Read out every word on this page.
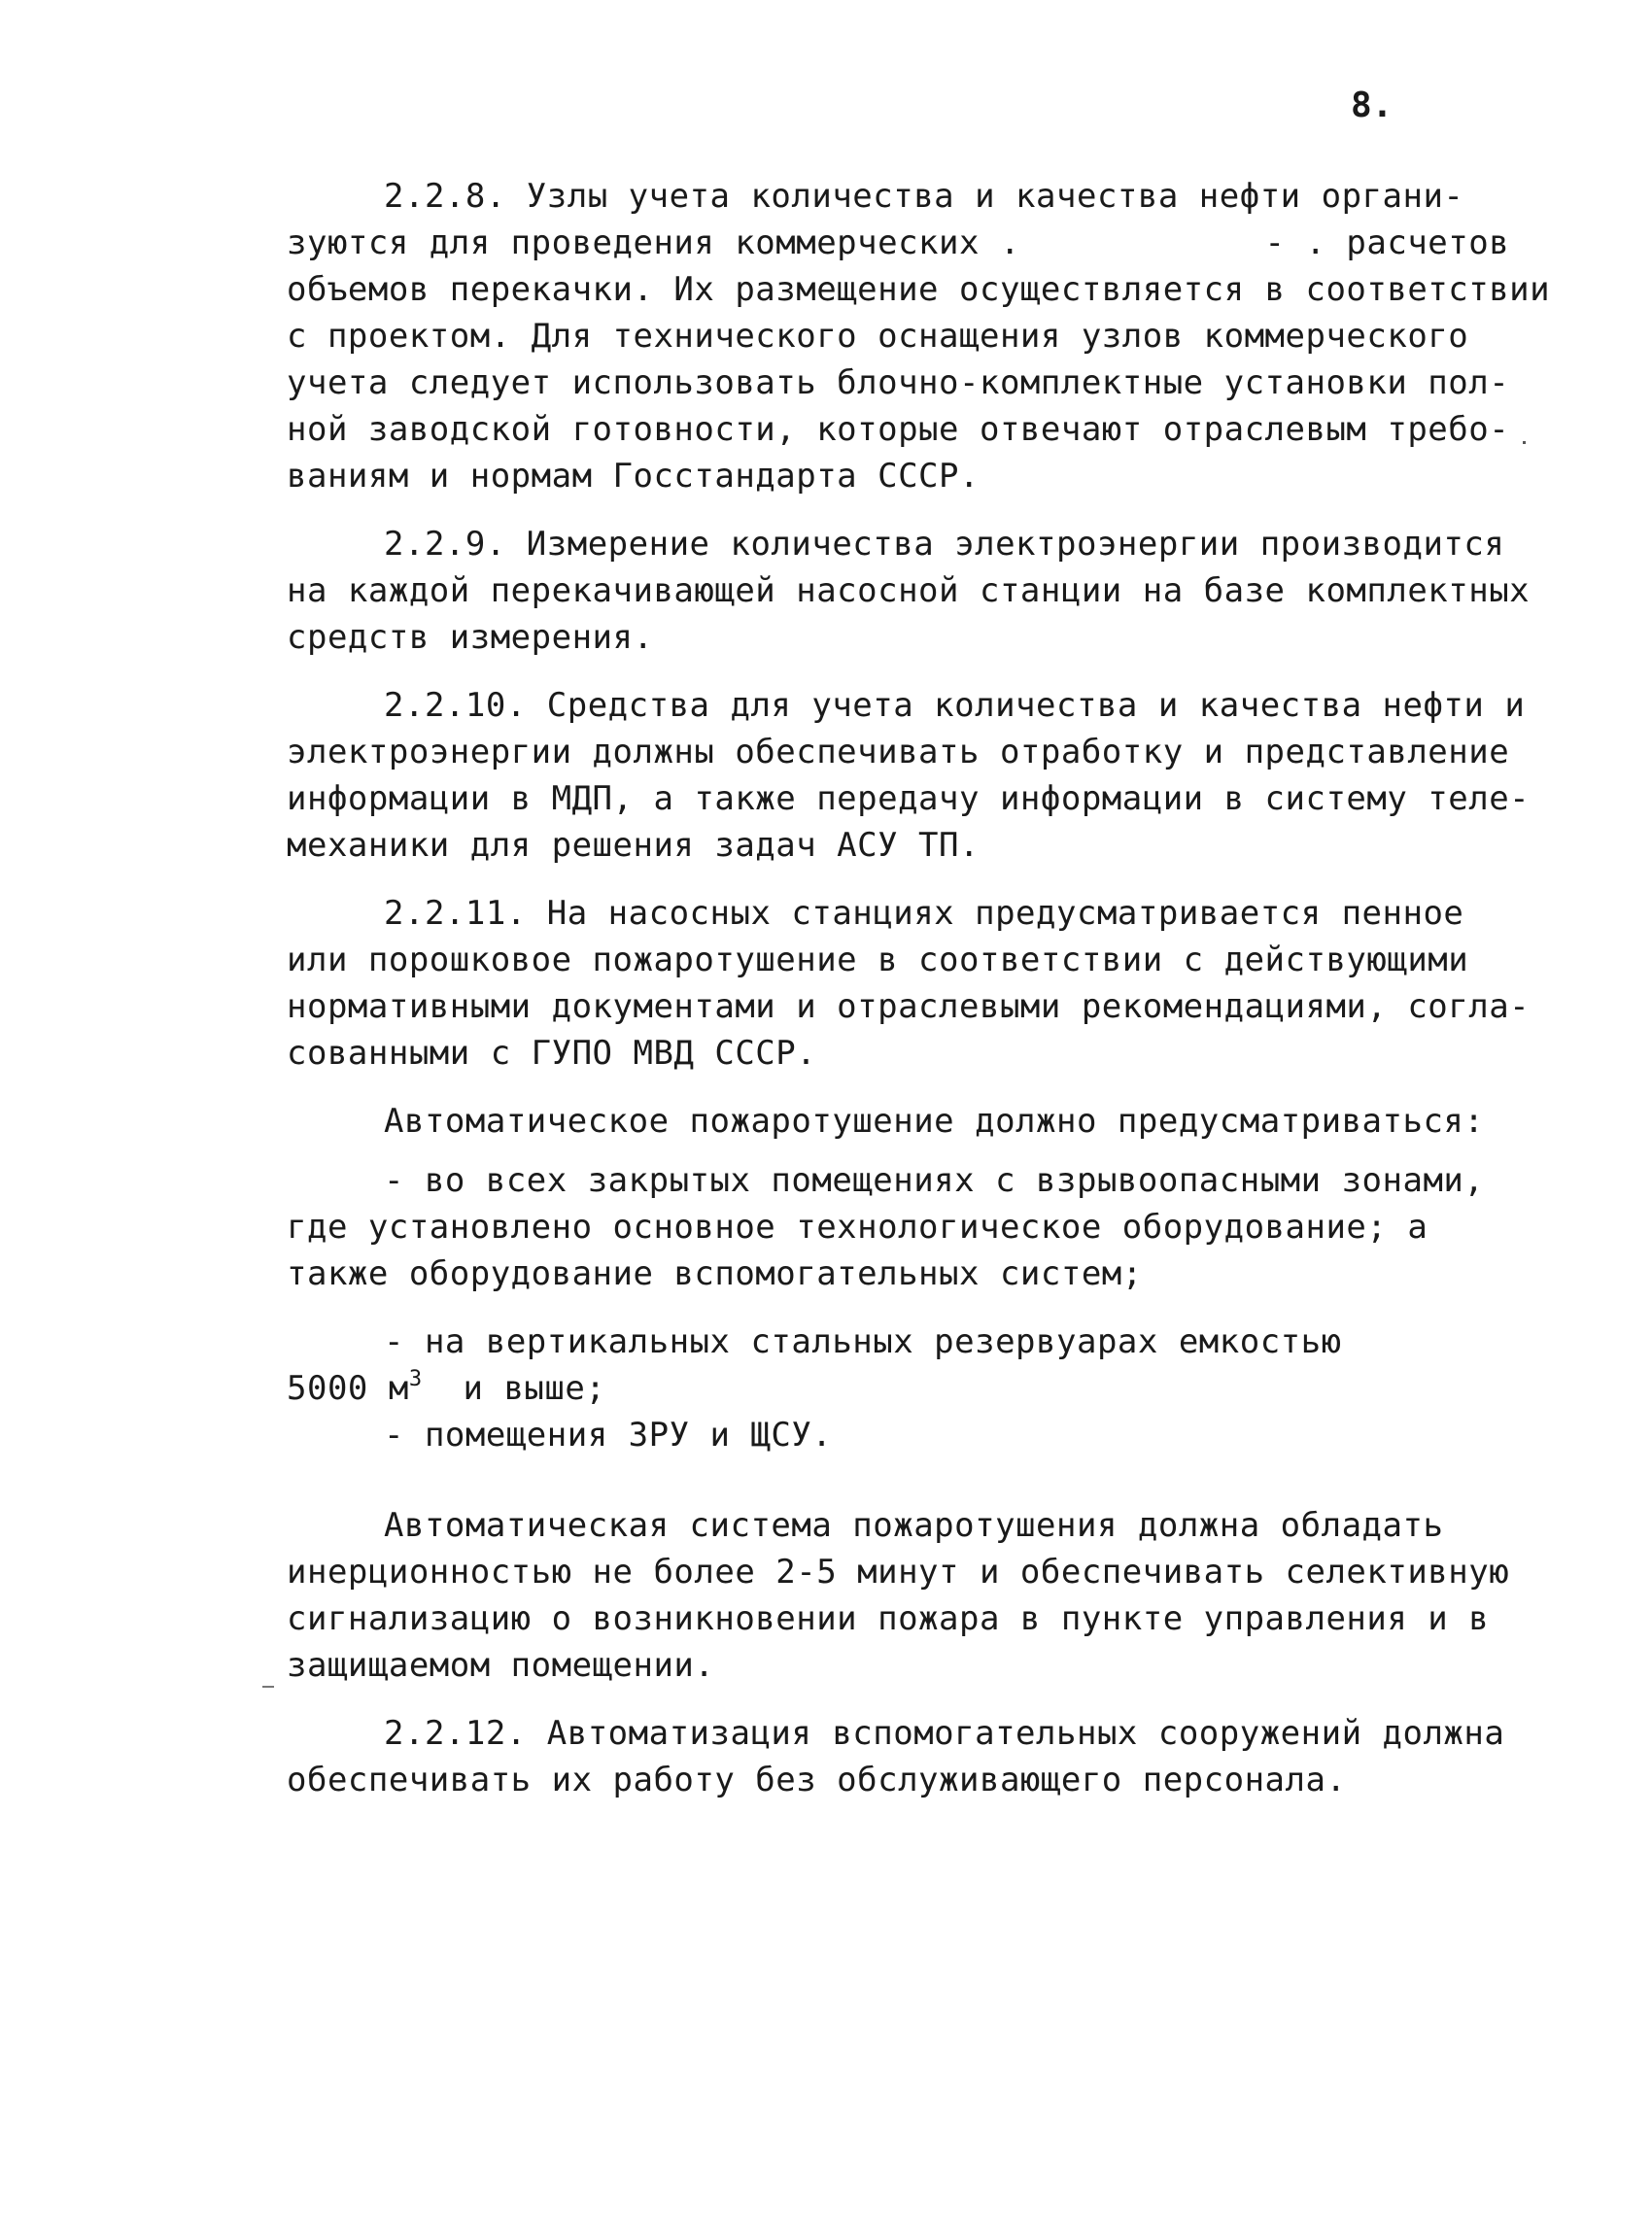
8.
2.2.8. Узлы учета количества и качества нефти органи-
зуются для проведения коммерческих .            - . расчетов
объемов перекачки. Их размещение осуществляется в соответствии
с проектом. Для технического оснащения узлов коммерческого
учета следует использовать блочно-комплектные установки пол-
ной заводской готовности, которые отвечают отраслевым требо-
ваниям и нормам Госстандарта СССР.
2.2.9. Измерение количества электроэнергии производится
на каждой перекачивающей насосной станции на базе комплектных
средств измерения.
2.2.10. Средства для учета количества и качества нефти и
электроэнергии должны обеспечивать отработку и представление
информации в МДП, а также передачу информации в систему теле-
механики для решения задач АСУ ТП.
2.2.11. На насосных станциях предусматривается пенное
или порошковое пожаротушение в соответствии с действующими
нормативными документами и отраслевыми рекомендациями, согла-
сованными с ГУПО МВД СССР.
Автоматическое пожаротушение должно предусматриваться:
- во всех закрытых помещениях с взрывоопасными зонами,
где установлено основное технологическое оборудование; а
также оборудование вспомогательных систем;
- на вертикальных стальных резервуарах емкостью
5000 $м^3$  и выше;
- помещения ЗРУ и ЩСУ.
Автоматическая система пожаротушения должна обладать
инерционностью не более 2-5 минут и обеспечивать селективную
сигнализацию о возникновении пожара в пункте управления и в
защищаемом помещении.
2.2.12. Автоматизация вспомогательных сооружений должна
обеспечивать их работу без обслуживающего персонала.
